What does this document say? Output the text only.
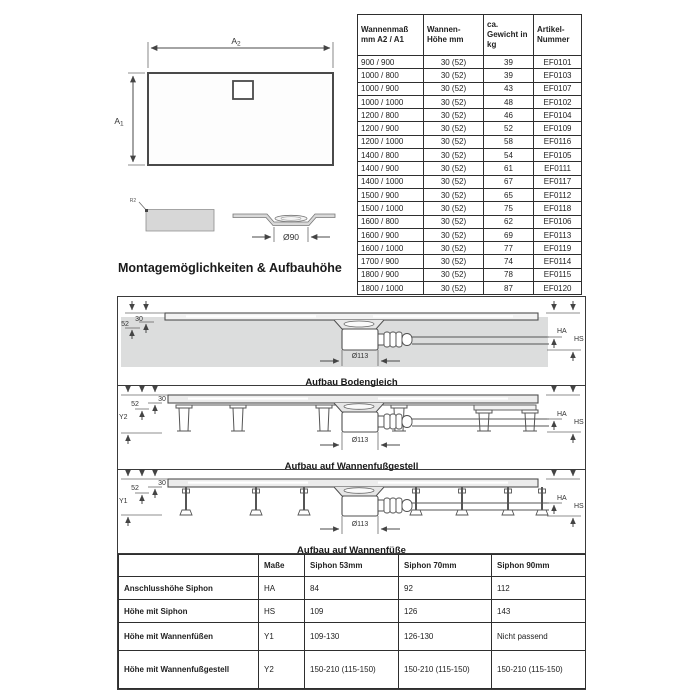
A2
A1
R2
Ø90
Montagemöglichkeiten & Aufbauhöhe
Wannenmaß mm A2 / A1	Wannen-Höhe mm	ca. Gewicht in kg	Artikel-Nummer
900 / 900	30 (52)	39	EF0101
1000 / 800	30 (52)	39	EF0103
1000 / 900	30 (52)	43	EF0107
1000 / 1000	30 (52)	48	EF0102
1200 / 800	30 (52)	46	EF0104
1200 / 900	30 (52)	52	EF0109
1200 / 1000	30 (52)	58	EF0116
1400 / 800	30 (52)	54	EF0105
1400 / 900	30 (52)	61	EF0111
1400 / 1000	30 (52)	67	EF0117
1500 / 900	30 (52)	65	EF0112
1500 / 1000	30 (52)	75	EF0118
1600 / 800	30 (52)	62	EF0106
1600 / 900	30 (52)	69	EF0113
1600 / 1000	30 (52)	77	EF0119
1700 / 900	30 (52)	74	EF0114
1800 / 900	30 (52)	78	EF0115
1800 / 1000	30 (52)	87	EF0120
Ø113
52
30
HA
HS
Aufbau Bodengleich
Ø113
Y2
52
30
HA
HS
Aufbau auf Wannenfußgestell
Ø113
Y1
52
30
HA
HS
Aufbau auf Wannenfüße
	Maße	Siphon 53mm	Siphon 70mm	Siphon 90mm
Anschlusshöhe Siphon	HA	84	92	112
Höhe mit Siphon	HS	109	126	143
Höhe mit Wannenfüßen	Y1	109-130	126-130	Nicht passend
Höhe mit Wannenfußgestell	Y2	150-210 (115-150)	150-210 (115-150)	150-210 (115-150)
